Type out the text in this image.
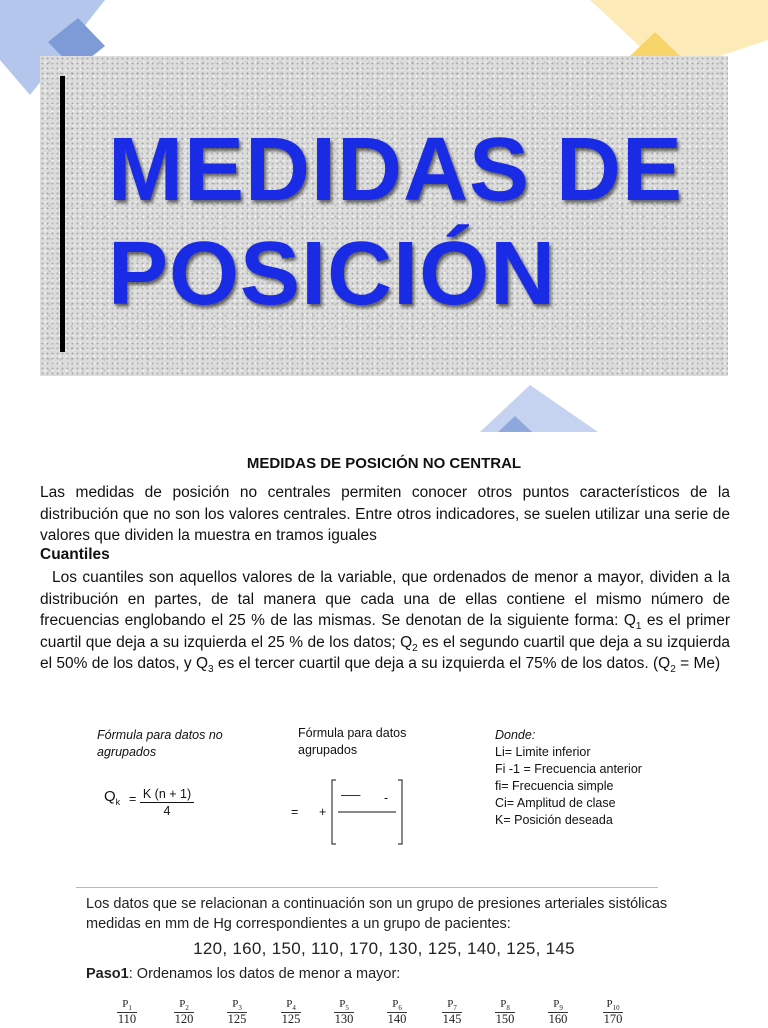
MEDIDAS DE
POSICIÓN
MEDIDAS DE POSICIÓN NO CENTRAL
Las medidas de posición no centrales permiten conocer otros puntos característicos de la distribución que no son los valores centrales. Entre otros indicadores, se suelen utilizar una serie de valores que dividen la muestra en tramos iguales
Cuantiles
Los cuantiles son aquellos valores de la variable, que ordenados de menor a mayor, dividen a la distribución en partes, de tal manera que cada una de ellas contiene el mismo número de frecuencias englobando el 25 % de las mismas. Se denotan de la siguiente forma: $Q_1$ es el primer cuartil que deja a su izquierda el 25 % de los datos; $Q_2$ es el segundo cuartil que deja a su izquierda el 50% de los datos, y $Q_3$ es el tercer cuartil que deja a su izquierda el 75% de los datos. $(Q_2 = Me)$
Fórmula para datos no agrupados
$Q_k = \frac{K (n + 1)}{4}$
Fórmula para datos agrupados
= +
—– -
Donde:
Li= Limite inferior
Fi -1 = Frecuencia anterior
fi= Frecuencia simple
Ci= Amplitud de clase
K= Posición deseada
Los datos que se relacionan a continuación son un grupo de presiones arteriales sistólicas medidas en mm de Hg correspondientes a un grupo de pacientes:
120, 160, 150, 110, 170, 130, 125, 140, 125, 145
Paso1: Ordenamos los datos de menor a mayor:
$P_1$
110
$P_2$
120
$P_3$
125
$P_4$
125
$P_5$
130
$P_6$
140
$P_7$
145
$P_8$
150
$P_9$
160
$P_{10}$
170
